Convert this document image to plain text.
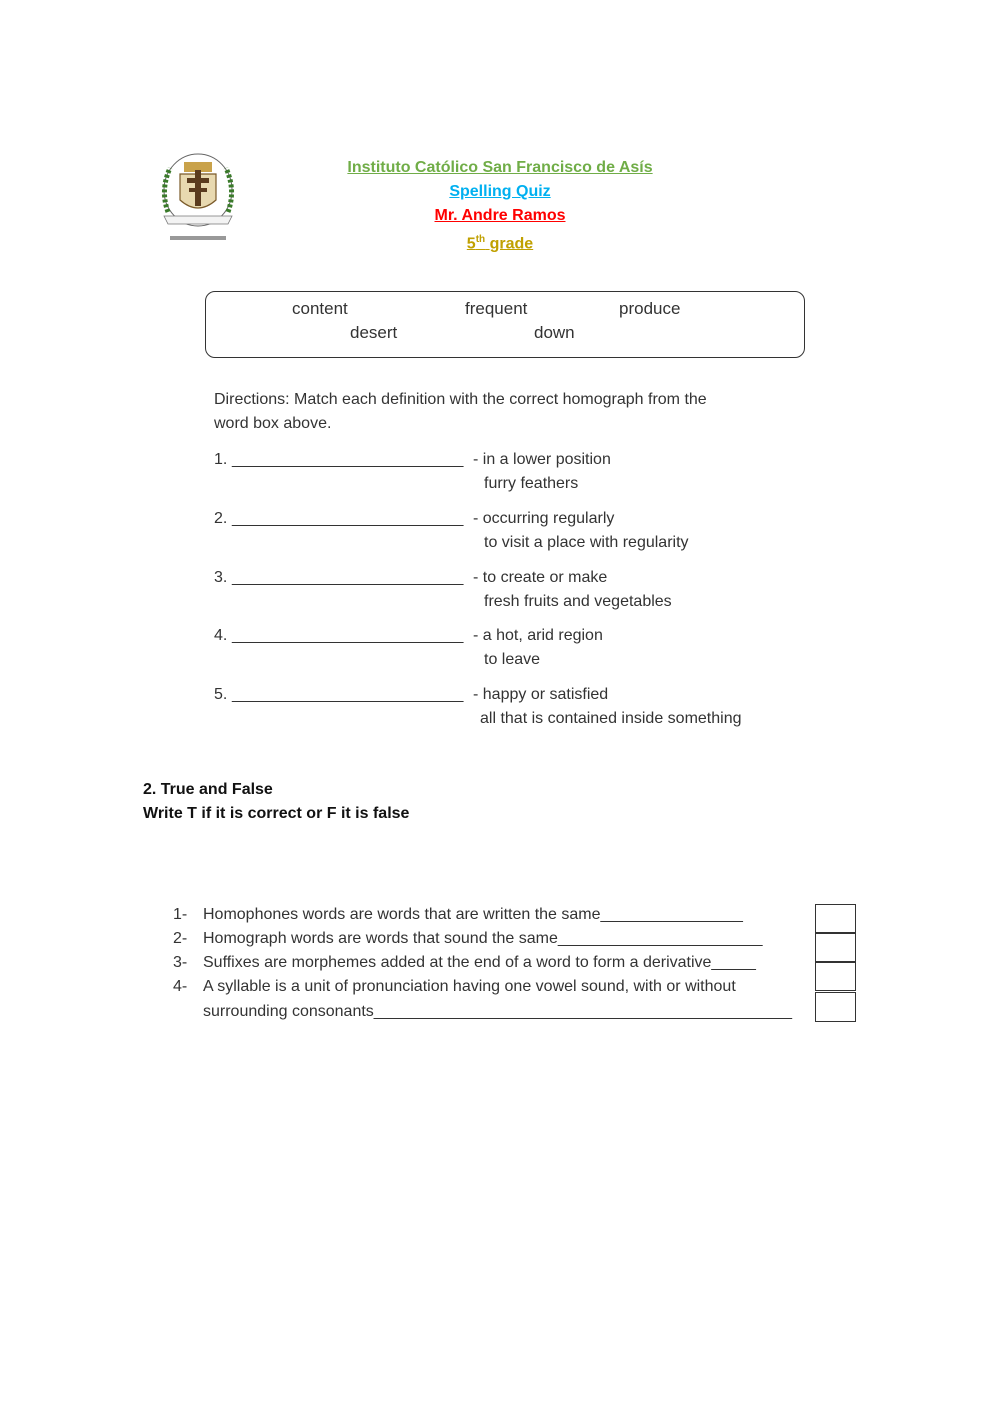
Instituto Católico San Francisco de Asís
Spelling Quiz
Mr. Andre Ramos
5th grade
content	frequent	produce
desert	down
Directions: Match each definition with the correct homograph from the
word box above.
1. __________________________ - in a lower position
furry feathers
2. __________________________ - occurring regularly
to visit a place with regularity
3. __________________________ - to create or make
fresh fruits and vegetables
4. __________________________ - a hot, arid region
to leave
5. __________________________ - happy or satisfied
all that is contained inside something
2. True and False
Write T if it is correct or F it is false
1- Homophones words are words that are written the same________________
2- Homograph words are words that sound the same_______________________
3- Suffixes are morphemes added at the end of a word to form a derivative_____
4- A syllable is a unit of pronunciation having one vowel sound, with or without
surrounding consonants_______________________________________________
